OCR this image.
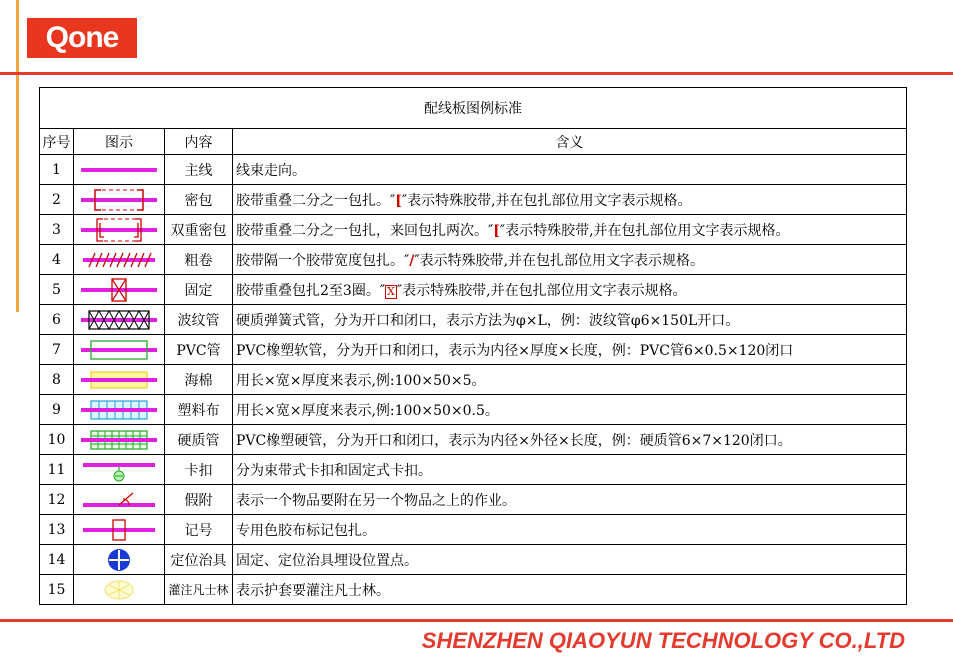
Qone
配线板图例标准			
序号	图示	内容	含义
1		主线	线束走向。
2		密包	胶带重叠二分之一包扎。″[″表示特殊胶带,并在包扎部位用文字表示规格。
3		双重密包	胶带重叠二分之一包扎，来回包扎两次。″[″表示特殊胶带,并在包扎部位用文字表示规格。
4		粗卷	胶带隔一个胶带宽度包扎。″/″表示特殊胶带,并在包扎部位用文字表示规格。
5		固定	胶带重叠包扎2至3圈。″ X ″表示特殊胶带,并在包扎部位用文字表示规格。
6		波纹管	硬质弹簧式管，分为开口和闭口，表示方法为φ×L，例：波纹管φ6×150L开口。
7		PVC管	PVC橡塑软管，分为开口和闭口，表示为内径×厚度×长度，例：PVC管6×0.5×120闭口
8		海棉	用长×宽×厚度来表示,例:100×50×5。
9		塑料布	用长×宽×厚度来表示,例:100×50×0.5。
10		硬质管	PVC橡塑硬管，分为开口和闭口，表示为内径×外径×长度，例：硬质管6×7×120闭口。
11		卡扣	分为束带式卡扣和固定式卡扣。
12		假附	表示一个物品要附在另一个物品之上的作业。
13		记号	专用色胶布标记包扎。
14		定位治具	固定、定位治具埋设位置点。
15		灌注凡士林	表示护套要灌注凡士林。
SHENZHEN QIAOYUN TECHNOLOGY CO.,LTD
